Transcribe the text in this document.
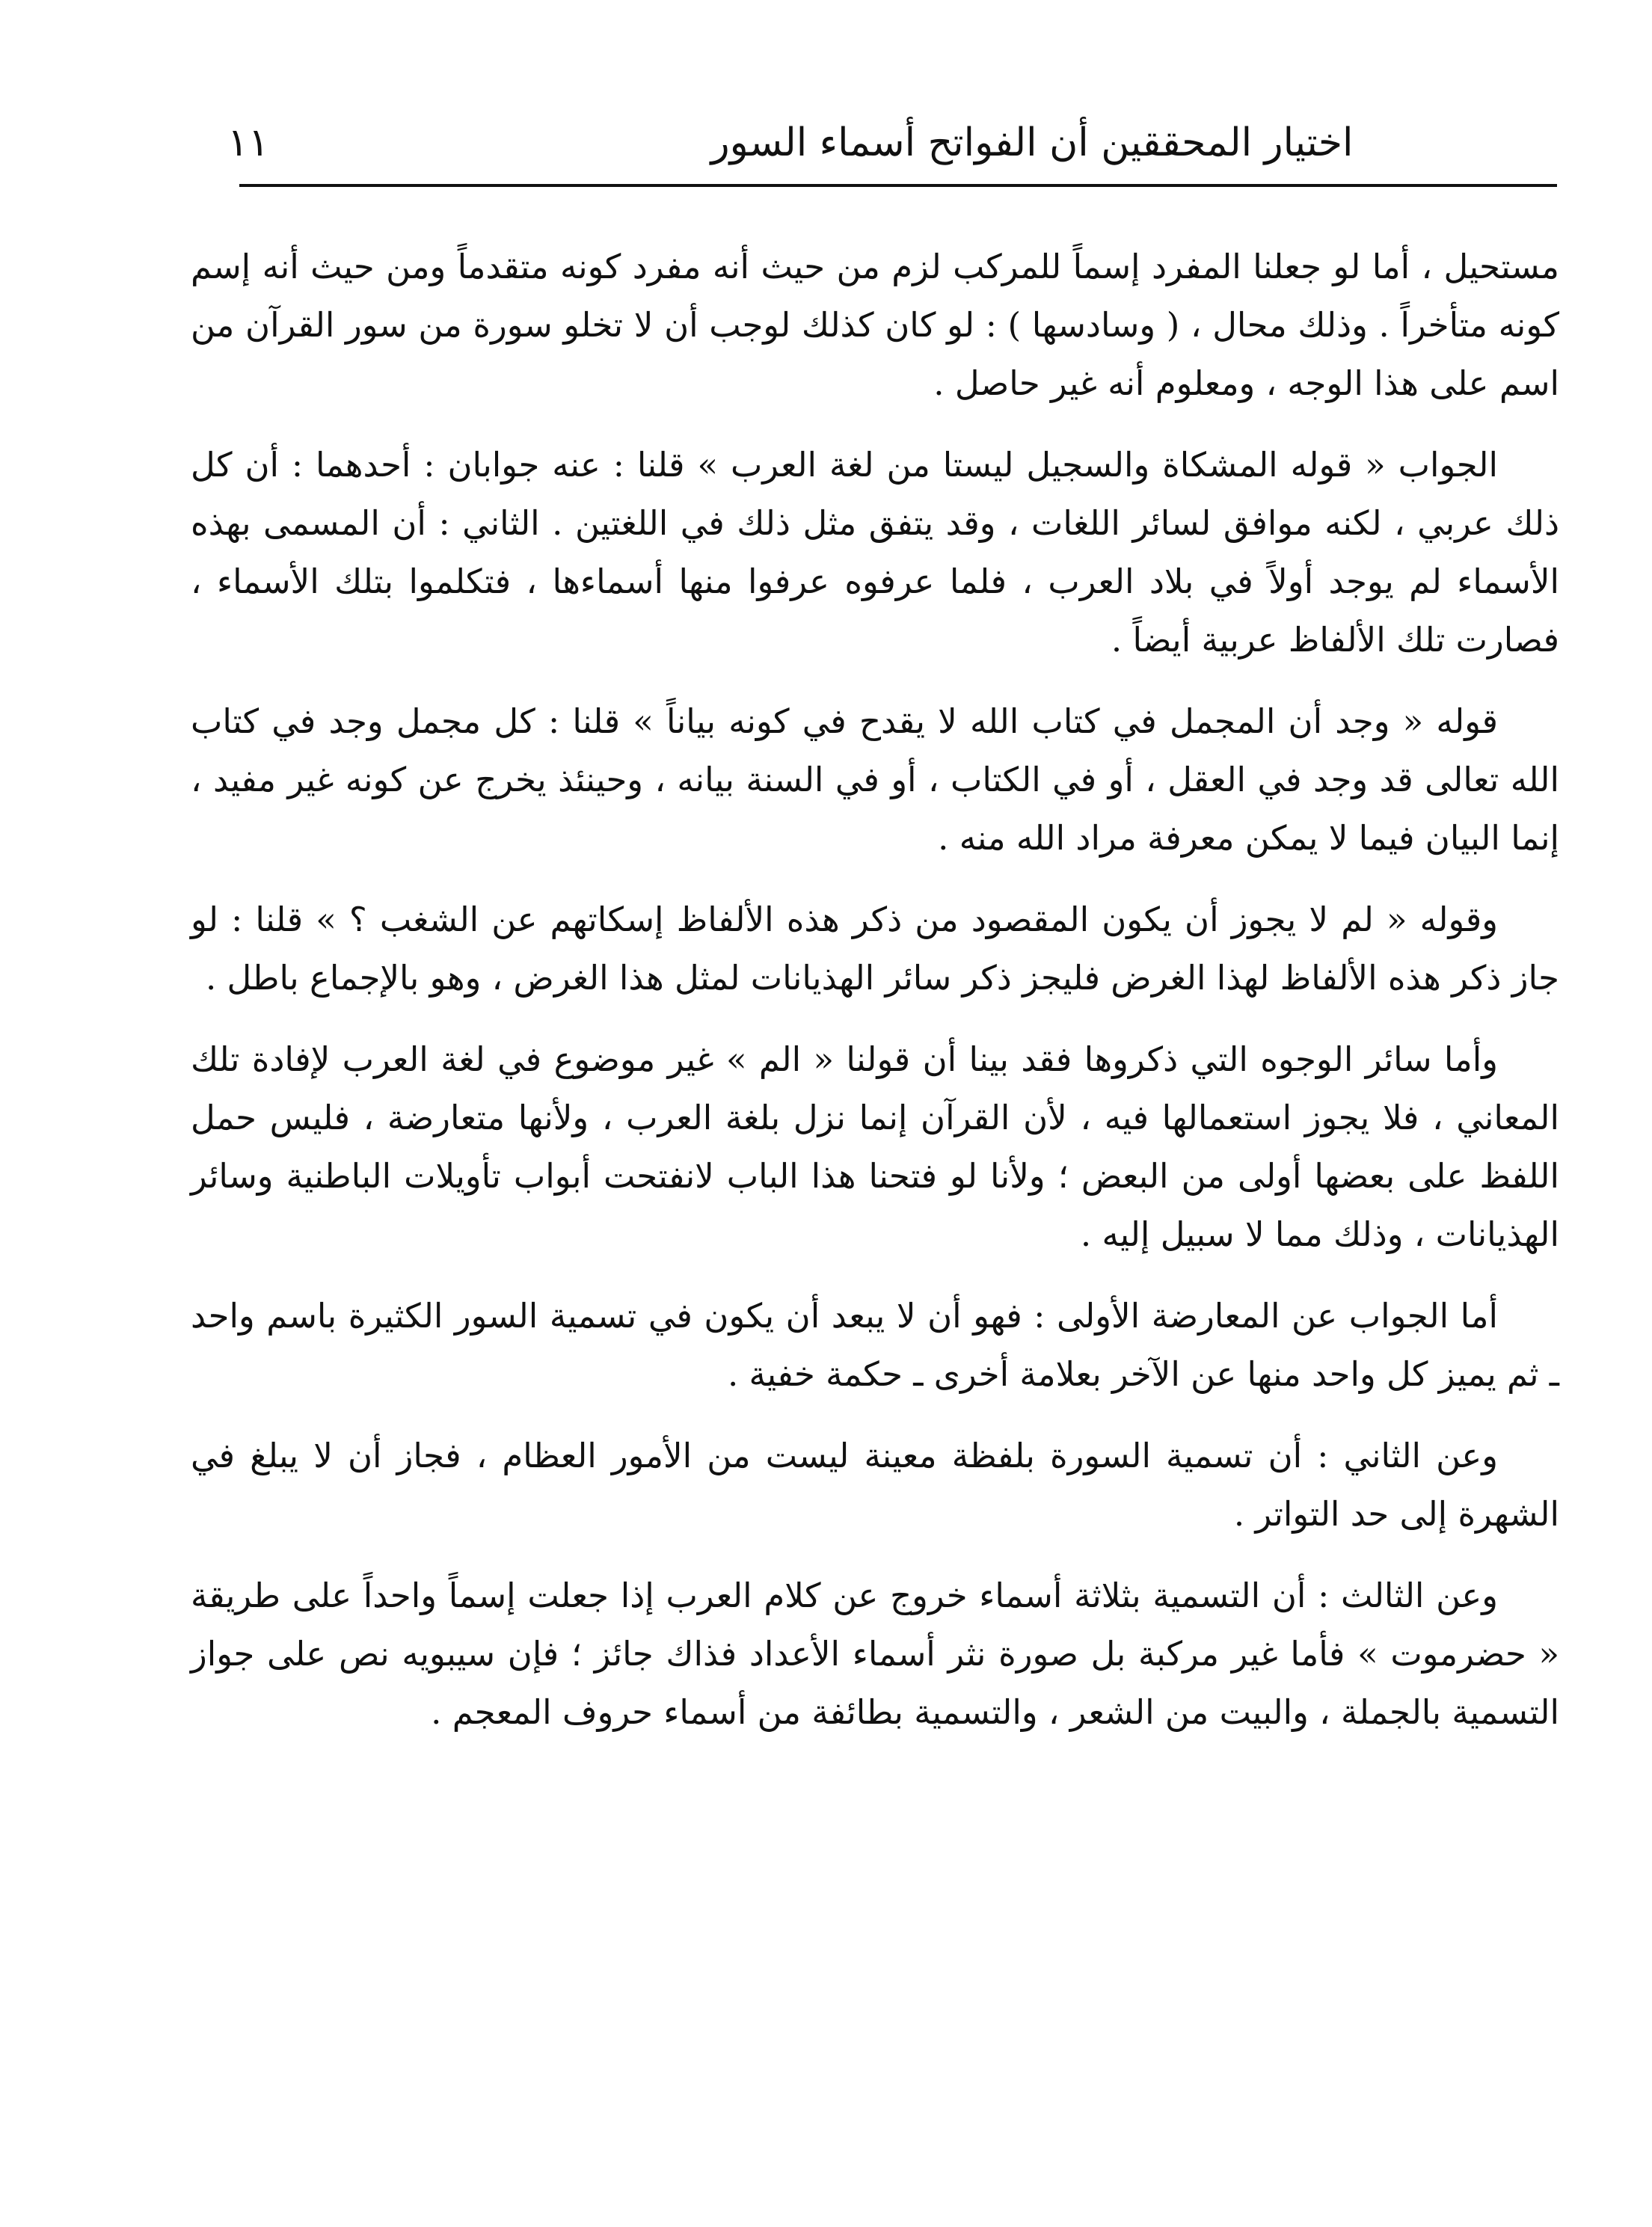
اختيار المحققين أن الفواتح أسماء السور
١١

مستحيل ، أما لو جعلنا المفرد إسماً للمركب لزم من حيث أنه مفرد كونه متقدماً ومن حيث أنه إسم كونه متأخراً . وذلك محال ، ( وسادسها ) : لو كان كذلك لوجب أن لا تخلو سورة من سور القرآن من اسم على هذا الوجه ، ومعلوم أنه غير حاصل .

الجواب « قوله المشكاة والسجيل ليستا من لغة العرب » قلنا : عنه جوابان : أحدهما : أن كل ذلك عربي ، لكنه موافق لسائر اللغات ، وقد يتفق مثل ذلك في اللغتين . الثاني : أن المسمى بهذه الأسماء لم يوجد أولاً في بلاد العرب ، فلما عرفوه عرفوا منها أسماءها ، فتكلموا بتلك الأسماء ، فصارت تلك الألفاظ عربية أيضاً .

قوله « وجد أن المجمل في كتاب الله لا يقدح في كونه بياناً » قلنا : كل مجمل وجد في كتاب الله تعالى قد وجد في العقل ، أو في الكتاب ، أو في السنة بيانه ، وحينئذ يخرج عن كونه غير مفيد ، إنما البيان فيما لا يمكن معرفة مراد الله منه .

وقوله « لم لا يجوز أن يكون المقصود من ذكر هذه الألفاظ إسكاتهم عن الشغب ؟ » قلنا : لو جاز ذكر هذه الألفاظ لهذا الغرض فليجز ذكر سائر الهذيانات لمثل هذا الغرض ، وهو بالإجماع باطل .

وأما سائر الوجوه التي ذكروها فقد بينا أن قولنا « الم » غير موضوع في لغة العرب لإفادة تلك المعاني ، فلا يجوز استعمالها فيه ، لأن القرآن إنما نزل بلغة العرب ، ولأنها متعارضة ، فليس حمل اللفظ على بعضها أولى من البعض ؛ ولأنا لو فتحنا هذا الباب لانفتحت أبواب تأويلات الباطنية وسائر الهذيانات ، وذلك مما لا سبيل إليه .

أما الجواب عن المعارضة الأولى : فهو أن لا يبعد أن يكون في تسمية السور الكثيرة باسم واحد ـ ثم يميز كل واحد منها عن الآخر بعلامة أخرى ـ حكمة خفية .

وعن الثاني : أن تسمية السورة بلفظة معينة ليست من الأمور العظام ، فجاز أن لا يبلغ في الشهرة إلى حد التواتر .

وعن الثالث : أن التسمية بثلاثة أسماء خروج عن كلام العرب إذا جعلت إسماً واحداً على طريقة « حضرموت » فأما غير مركبة بل صورة نثر أسماء الأعداد فذاك جائز ؛ فإن سيبويه نص على جواز التسمية بالجملة ، والبيت من الشعر ، والتسمية بطائفة من أسماء حروف المعجم .
